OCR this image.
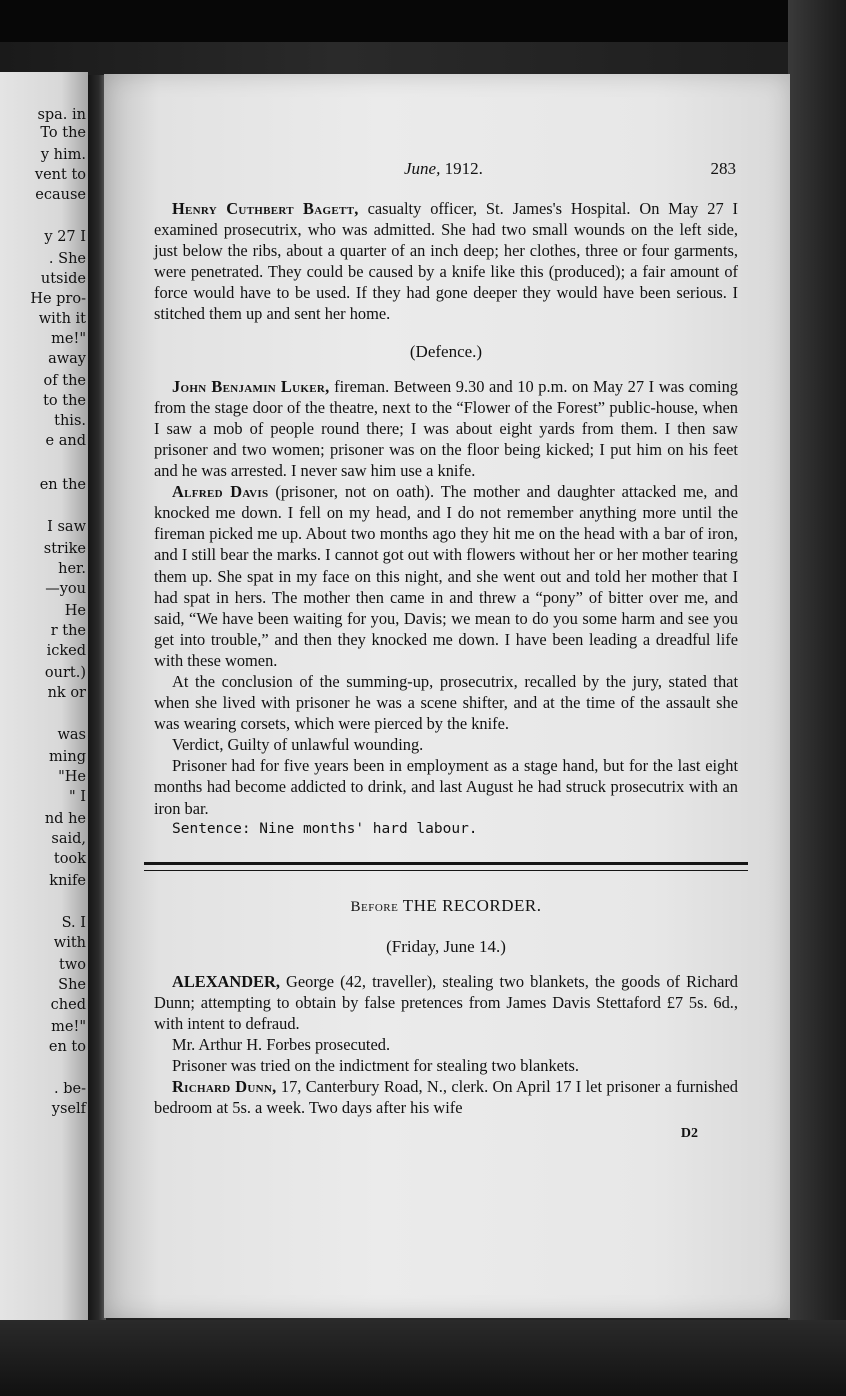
spa. in
To the
y him.
vent to
ecause
y 27 I
. She
utside
He pro-
with it
me!"
away
of the
to the
this.
e and
en the
I saw
strike
her.
—you
He
r the
icked
ourt.)
nk or
was
ming
"He
" I
nd he
said,
took
knife
S. I
with
two
She
ched
me!"
en to
. be-
yself
June, 1912.	283

Henry Cuthbert Bagett, casualty officer, St. James's Hospital. On May 27 I examined prosecutrix, who was admitted. She had two small wounds on the left side, just below the ribs, about a quarter of an inch deep; her clothes, three or four garments, were penetrated. They could be caused by a knife like this (produced); a fair amount of force would have to be used. If they had gone deeper they would have been serious. I stitched them up and sent her home.

(Defence.)

John Benjamin Luker, fireman. Between 9.30 and 10 p.m. on May 27 I was coming from the stage door of the theatre, next to the “Flower of the Forest” public-house, when I saw a mob of people round there; I was about eight yards from them. I then saw prisoner and two women; prisoner was on the floor being kicked; I put him on his feet and he was arrested. I never saw him use a knife.

Alfred Davis (prisoner, not on oath). The mother and daughter attacked me, and knocked me down. I fell on my head, and I do not remember anything more until the fireman picked me up. About two months ago they hit me on the head with a bar of iron, and I still bear the marks. I cannot got out with flowers without her or her mother tearing them up. She spat in my face on this night, and she went out and told her mother that I had spat in hers. The mother then came in and threw a “pony” of bitter over me, and said, “We have been waiting for you, Davis; we mean to do you some harm and see you get into trouble,” and then they knocked me down. I have been leading a dreadful life with these women.

At the conclusion of the summing-up, prosecutrix, recalled by the jury, stated that when she lived with prisoner he was a scene shifter, and at the time of the assault she was wearing corsets, which were pierced by the knife.

Verdict, Guilty of unlawful wounding.

Prisoner had for five years been in employment as a stage hand, but for the last eight months had become addicted to drink, and last August he had struck prosecutrix with an iron bar.

Sentence: Nine months' hard labour.

Before THE RECORDER.

(Friday, June 14.)

ALEXANDER, George (42, traveller), stealing two blankets, the goods of Richard Dunn; attempting to obtain by false pretences from James Davis Stettaford £7 5s. 6d., with intent to defraud.

Mr. Arthur H. Forbes prosecuted.

Prisoner was tried on the indictment for stealing two blankets.

Richard Dunn, 17, Canterbury Road, N., clerk. On April 17 I let prisoner a furnished bedroom at 5s. a week. Two days after his wife

D2
